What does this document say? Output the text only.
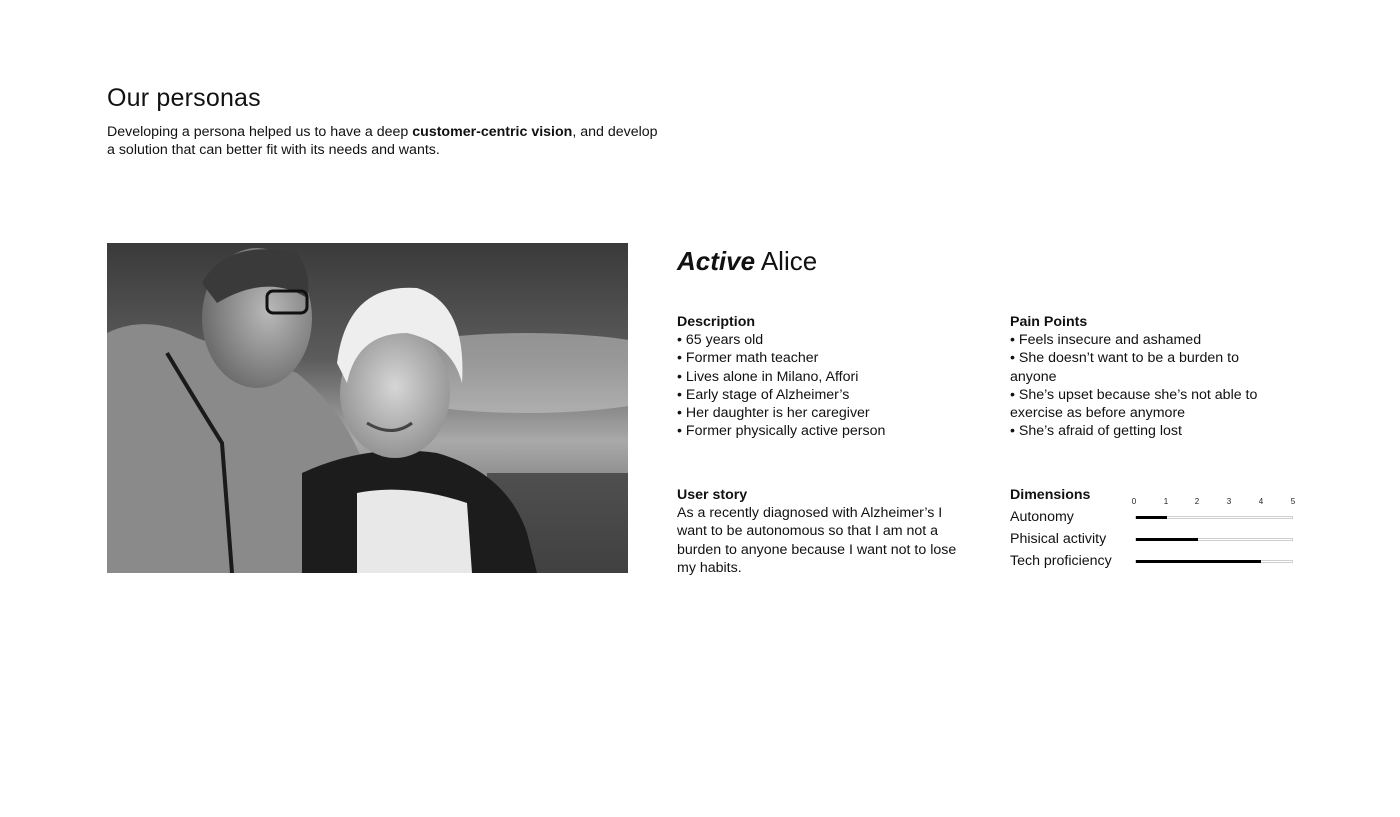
Our personas

Developing a persona helped us to have a deep customer-centric vision, and develop a solution that can better fit with its needs and wants.

Active Alice
Description
• 65 years old
• Former math teacher
• Lives alone in Milano, Affori
• Early stage of Alzheimer’s
• Her daughter is her caregiver
• Former physically active person
Pain Points
• Feels insecure and ashamed
• She doesn’t want to be a burden to anyone
• She’s upset because she’s not able to exercise as before anymore
• She’s afraid of getting lost
User story

As a recently diagnosed with Alzheimer’s I want to be autonomous so that I am not a burden to anyone because I want not to lose my habits.

Dimensions	0	1	2	3	4	5
Autonomy
Phisical activity
Tech proficiency
